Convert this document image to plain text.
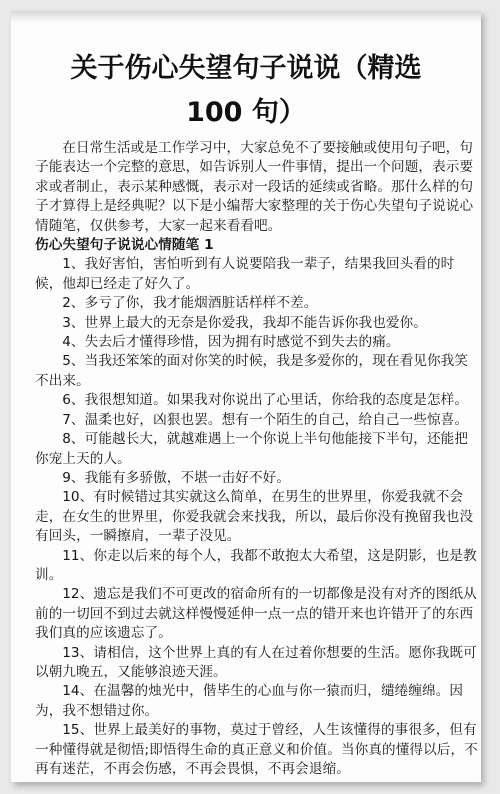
关于伤心失望句子说说（精选
100 句）

在日常生活或是工作学习中，大家总免不了要接触或使用句子吧，句子能表达一个完整的意思，如告诉别人一件事情，提出一个问题，表示要求或者制止，表示某种感慨，表示对一段话的延续或省略。那什么样的句子才算得上是经典呢？以下是小编帮大家整理的关于伤心失望句子说说心情随笔，仅供参考，大家一起来看看吧。

伤心失望句子说说心情随笔 1

1、我好害怕，害怕听到有人说要陪我一辈子，结果我回头看的时候，他却已经走了好久了。

2、多亏了你，我才能烟酒脏话样样不差。

3、世界上最大的无奈是你爱我，我却不能告诉你我也爱你。

4、失去后才懂得珍惜，因为拥有时感觉不到失去的痛。

5、当我还笨笨的面对你笑的时候，我是多爱你的，现在看见你我笑不出来。

6、我很想知道。如果我对你说出了心里话，你给我的态度是怎样。

7、温柔也好，凶狠也罢。想有一个陌生的自己，给自己一些惊喜。

8、可能越长大，就越难遇上一个你说上半句他能接下半句，还能把你宠上天的人。

9、我能有多骄傲，不堪一击好不好。

10、有时候错过其实就这么简单，在男生的世界里，你爱我就不会走，在女生的世界里，你爱我就会来找我，所以，最后你没有挽留我也没有回头，一瞬擦肩，一辈子没见。

11、你走以后来的每个人，我都不敢抱太大希望，这是阴影，也是教训。

12、遗忘是我们不可更改的宿命所有的一切都像是没有对齐的图纸从前的一切回不到过去就这样慢慢延伸一点一点的错开来也许错开了的东西我们真的应该遗忘了。

13、请相信，这个世界上真的有人在过着你想要的生活。愿你我既可以朝九晚五，又能够浪迹天涯。

14、在温馨的烛光中，偕毕生的心血与你一猿而归，缱绻缠绵。因为，我不想错过你。

15、世界上最美好的事物，莫过于曾经，人生该懂得的事很多，但有一种懂得就是彻悟;即悟得生命的真正意义和价值。当你真的懂得以后，不再有迷茫，不再会伤感，不再会畏惧，不再会退缩。
